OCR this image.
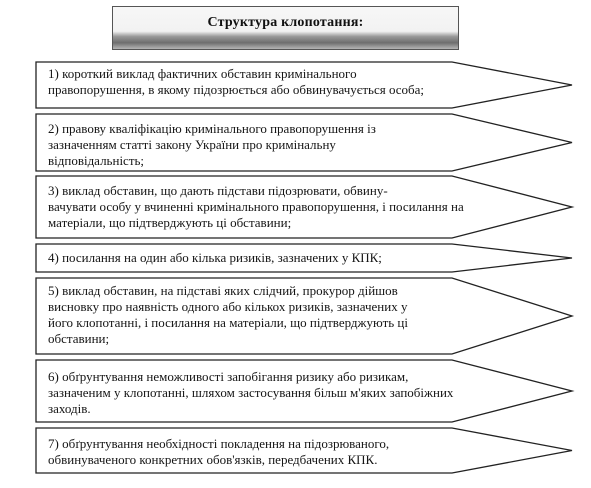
Структура клопотання:
1) короткий виклад фактичних обставин кримінального
правопорушення, в якому підозрюється або обвинувачується особа;
2) правову кваліфікацію кримінального правопорушення із
зазначенням статті закону України про кримінальну
відповідальність;
3) виклад обставин, що дають підстави підозрювати, обвину-
вачувати особу у вчиненні кримінального правопорушення, і посилання на
матеріали, що підтверджують ці обставини;
4) посилання на один або кілька ризиків, зазначених у КПК;
5) виклад обставин, на підставі яких слідчий, прокурор дійшов
висновку про наявність одного або кількох ризиків, зазначених у
його клопотанні, і посилання на матеріали, що підтверджують ці
обставини;
6) обґрунтування неможливості запобігання ризику або ризикам,
зазначеним у клопотанні, шляхом застосування більш м'яких запобіжних
заходів.
7) обґрунтування необхідності покладення на підозрюваного,
обвинуваченого конкретних обов'язків, передбачених КПК.
